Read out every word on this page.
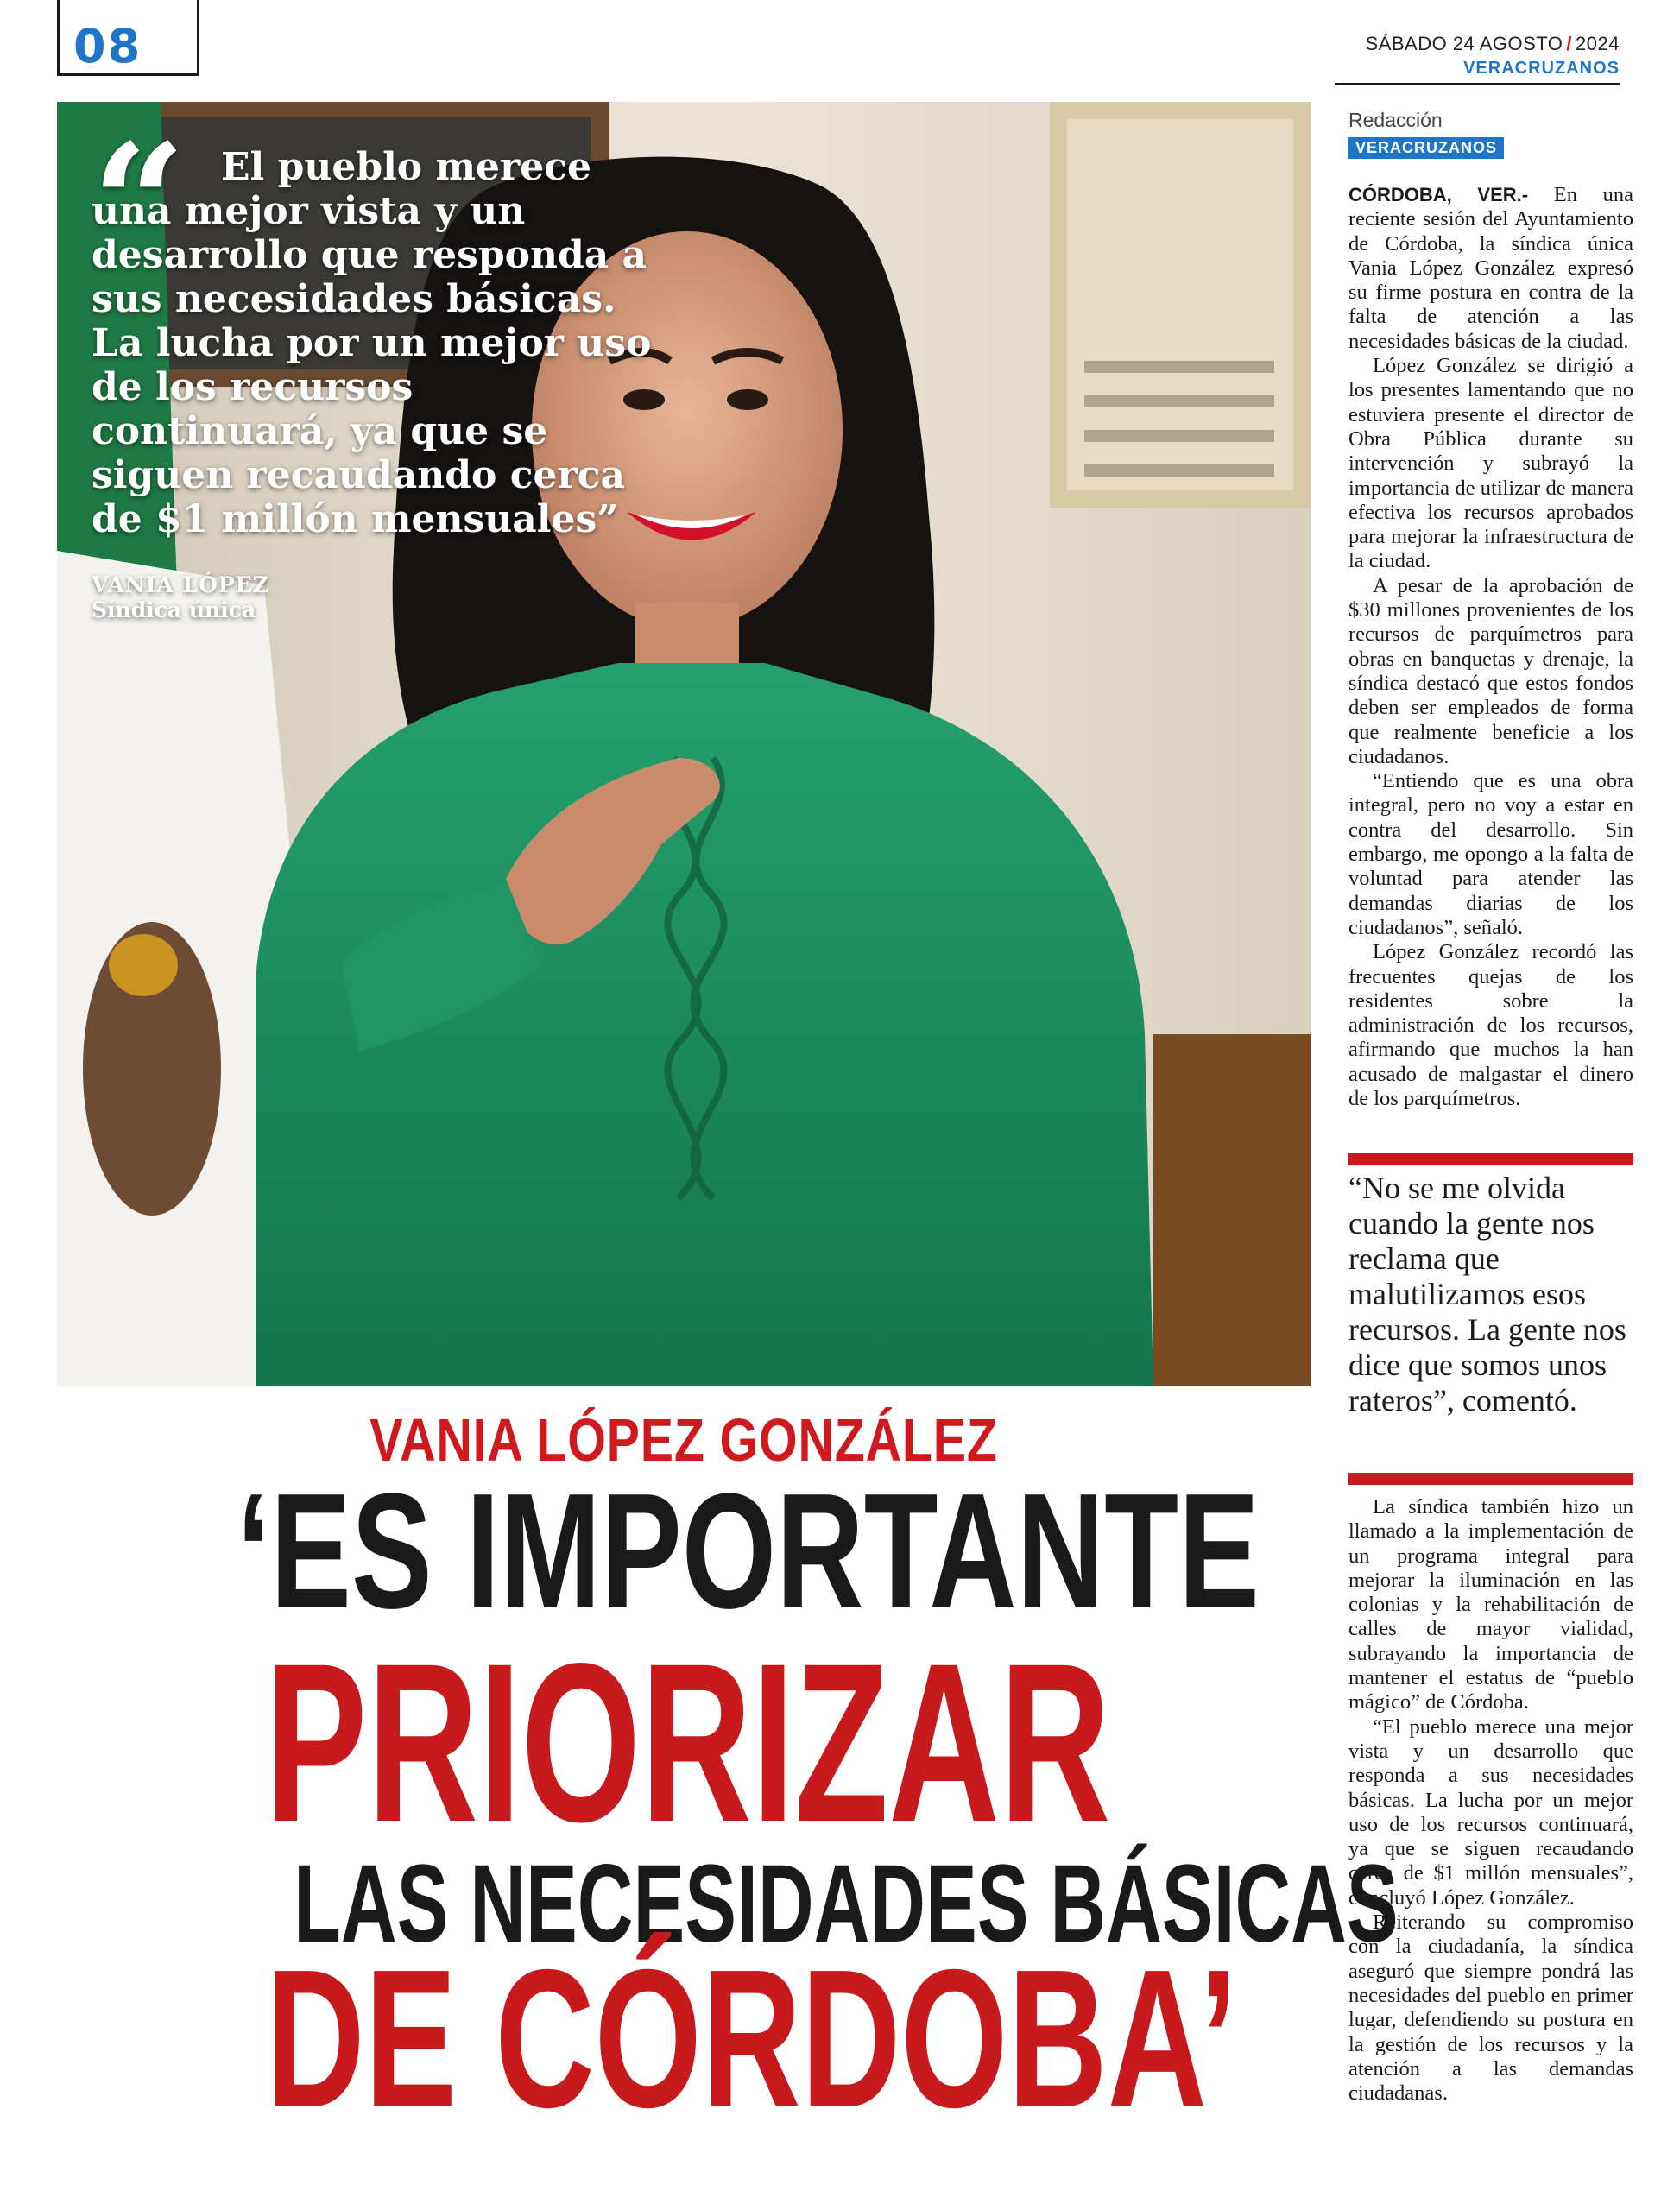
08	SÁBADO 24 AGOSTO / 2024
VERACRUZANOS
“ El pueblo merece una mejor vista y un desarrollo que responda a sus necesidades básicas. La lucha por un mejor uso de los recursos continuará, ya que se siguen recaudando cerca de $1 millón mensuales”

VANIA LÓPEZ
Síndica única
VANIA LÓPEZ GONZÁLEZ
‘ES IMPORTANTE
PRIORIZAR
LAS NECESIDADES BÁSICAS
DE CÓRDOBA’
Redacción
VERACRUZANOS

CÓRDOBA, VER.- En una reciente sesión del Ayuntamiento de Córdoba, la síndica única Vania López González expresó su firme postura en contra de la falta de atención a las necesidades básicas de la ciudad.

López González se dirigió a los presentes lamentando que no estuviera presente el director de Obra Pública durante su intervención y subrayó la importancia de utilizar de manera efectiva los recursos aprobados para mejorar la infraestructura de la ciudad.

A pesar de la aprobación de $30 millones provenientes de los recursos de parquímetros para obras en banquetas y drenaje, la síndica destacó que estos fondos deben ser empleados de forma que realmente beneficie a los ciudadanos.

“Entiendo que es una obra integral, pero no voy a estar en contra del desarrollo. Sin embargo, me opongo a la falta de voluntad para atender las demandas diarias de los ciudadanos”, señaló.

López González recordó las frecuentes quejas de los residentes sobre la administración de los recursos, afirmando que muchos la han acusado de malgastar el dinero de los parquímetros.

“No se me olvida cuando la gente nos reclama que malutilizamos esos recursos. La gente nos dice que somos unos rateros”, comentó.

La síndica también hizo un llamado a la implementación de un programa integral para mejorar la iluminación en las colonias y la rehabilitación de calles de mayor vialidad, subrayando la importancia de mantener el estatus de “pueblo mágico” de Córdoba.

“El pueblo merece una mejor vista y un desarrollo que responda a sus necesidades básicas. La lucha por un mejor uso de los recursos continuará, ya que se siguen recaudando cerca de $1 millón mensuales”, concluyó López González.

Reiterando su compromiso con la ciudadanía, la síndica aseguró que siempre pondrá las necesidades del pueblo en primer lugar, defendiendo su postura en la gestión de los recursos y la atención a las demandas ciudadanas.
